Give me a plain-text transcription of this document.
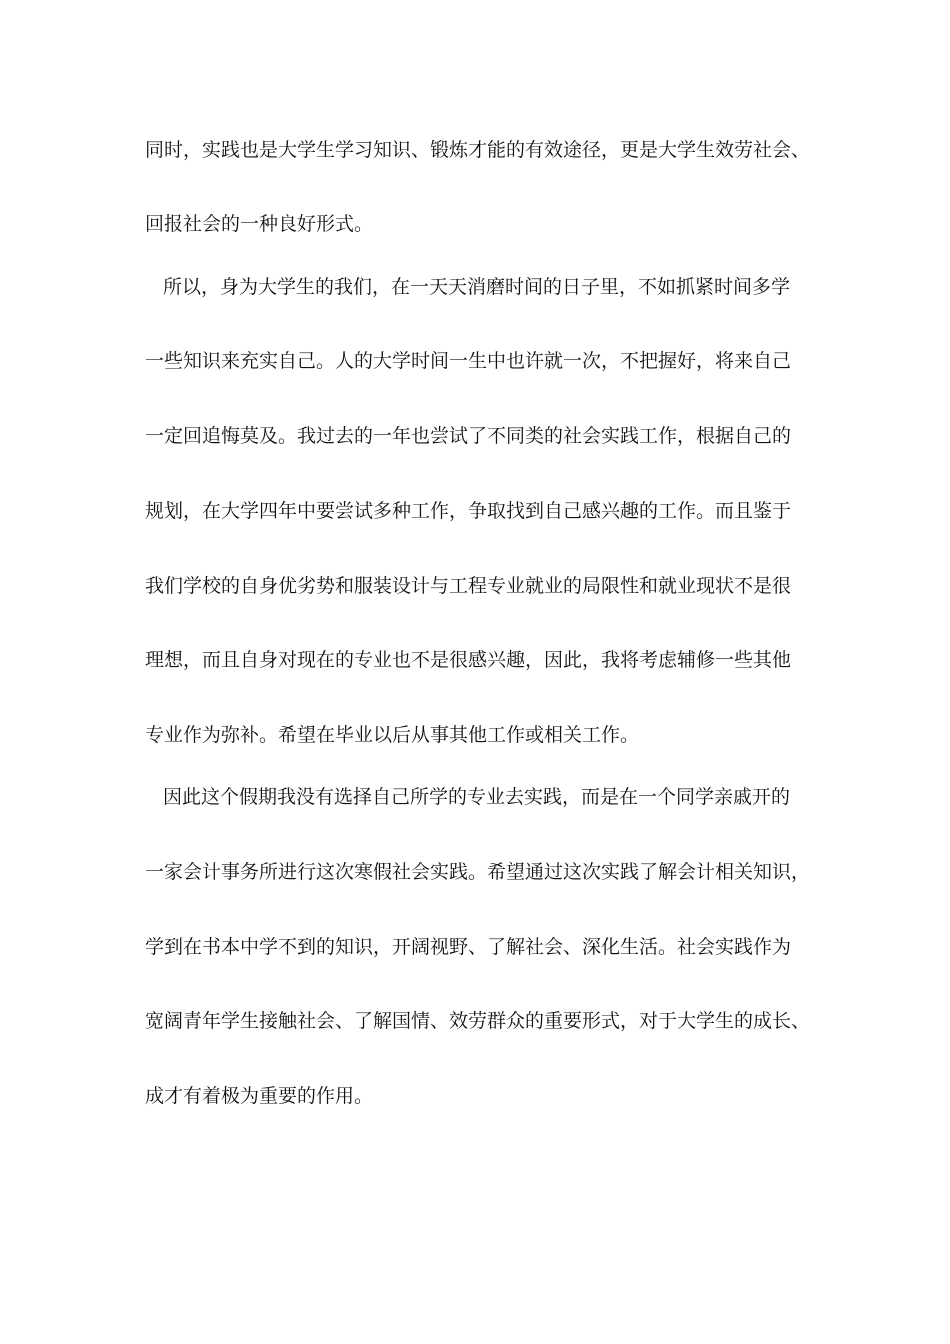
同时，实践也是大学生学习知识、锻炼才能的有效途径，更是大学生效劳社会、

回报社会的一种良好形式。

所以，身为大学生的我们，在一天天消磨时间的日子里，不如抓紧时间多学

一些知识来充实自己。人的大学时间一生中也许就一次，不把握好，将来自己

一定回追悔莫及。我过去的一年也尝试了不同类的社会实践工作，根据自己的

规划，在大学四年中要尝试多种工作，争取找到自己感兴趣的工作。而且鉴于

我们学校的自身优劣势和服装设计与工程专业就业的局限性和就业现状不是很

理想，而且自身对现在的专业也不是很感兴趣，因此，我将考虑辅修一些其他

专业作为弥补。希望在毕业以后从事其他工作或相关工作。

因此这个假期我没有选择自己所学的专业去实践，而是在一个同学亲戚开的

一家会计事务所进行这次寒假社会实践。希望通过这次实践了解会计相关知识，

学到在书本中学不到的知识，开阔视野、了解社会、深化生活。社会实践作为

宽阔青年学生接触社会、了解国情、效劳群众的重要形式，对于大学生的成长、

成才有着极为重要的作用。
